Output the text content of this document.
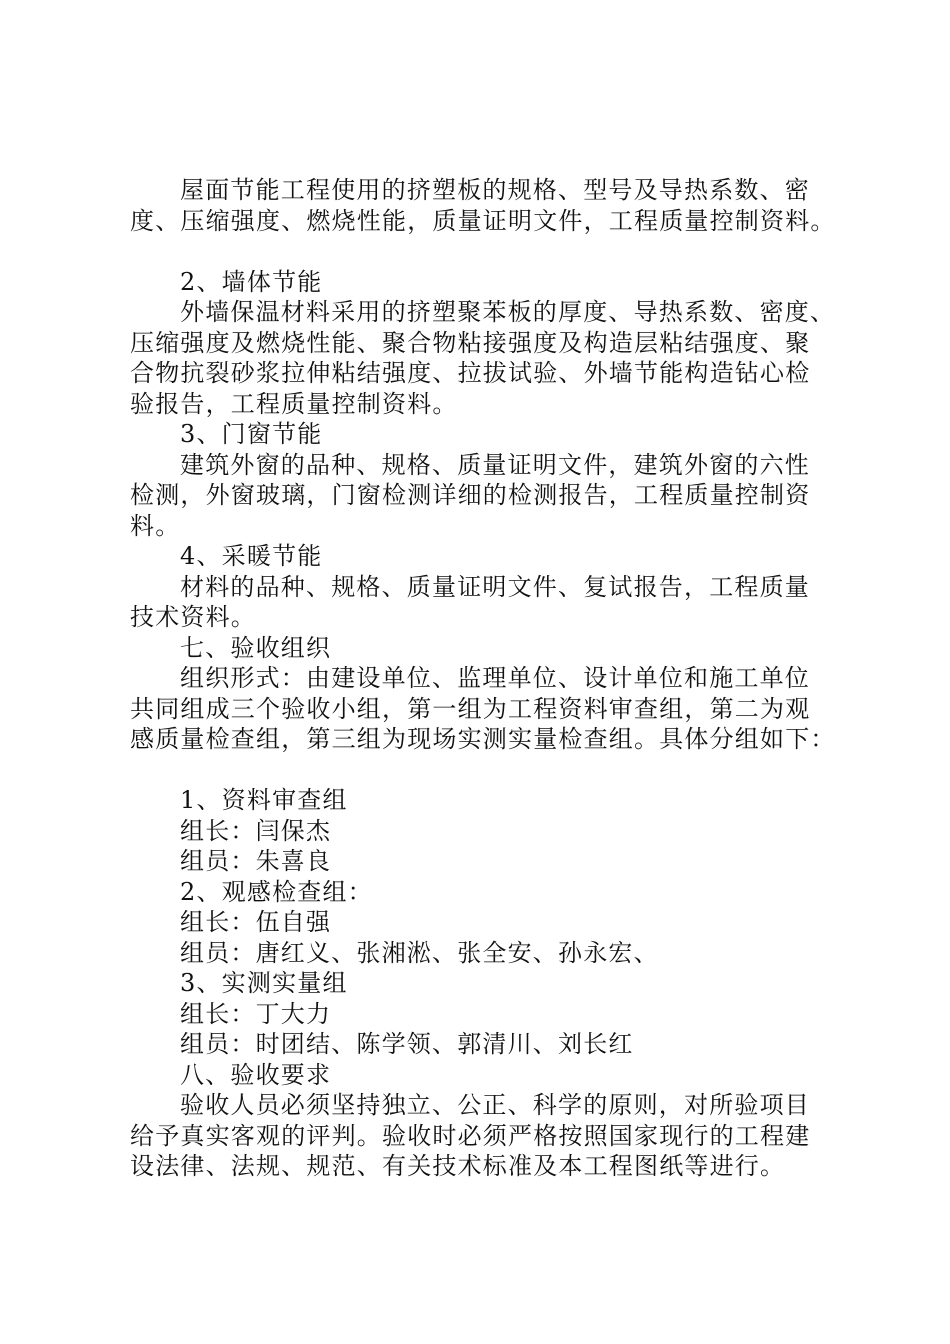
屋面节能工程使用的挤塑板的规格、型号及导热系数、密
度、压缩强度、燃烧性能，质量证明文件，工程质量控制资料。
2、墙体节能
外墙保温材料采用的挤塑聚苯板的厚度、导热系数、密度、
压缩强度及燃烧性能、聚合物粘接强度及构造层粘结强度、聚
合物抗裂砂浆拉伸粘结强度、拉拔试验、外墙节能构造钻心检
验报告，工程质量控制资料。
3、门窗节能
建筑外窗的品种、规格、质量证明文件，建筑外窗的六性
检测，外窗玻璃，门窗检测详细的检测报告，工程质量控制资
料。
4、采暖节能
材料的品种、规格、质量证明文件、复试报告，工程质量
技术资料。
七、验收组织
组织形式：由建设单位、监理单位、设计单位和施工单位
共同组成三个验收小组，第一组为工程资料审查组，第二为观
感质量检查组，第三组为现场实测实量检查组。具体分组如下：
1、资料审查组
组长：闫保杰
组员：朱喜良
2、观感检查组：
组长：伍自强
组员：唐红义、张湘淞、张全安、孙永宏、
3、实测实量组
组长：丁大力
组员：时团结、陈学领、郭清川、刘长红
八、验收要求
验收人员必须坚持独立、公正、科学的原则，对所验项目
给予真实客观的评判。验收时必须严格按照国家现行的工程建
设法律、法规、规范、有关技术标准及本工程图纸等进行。
